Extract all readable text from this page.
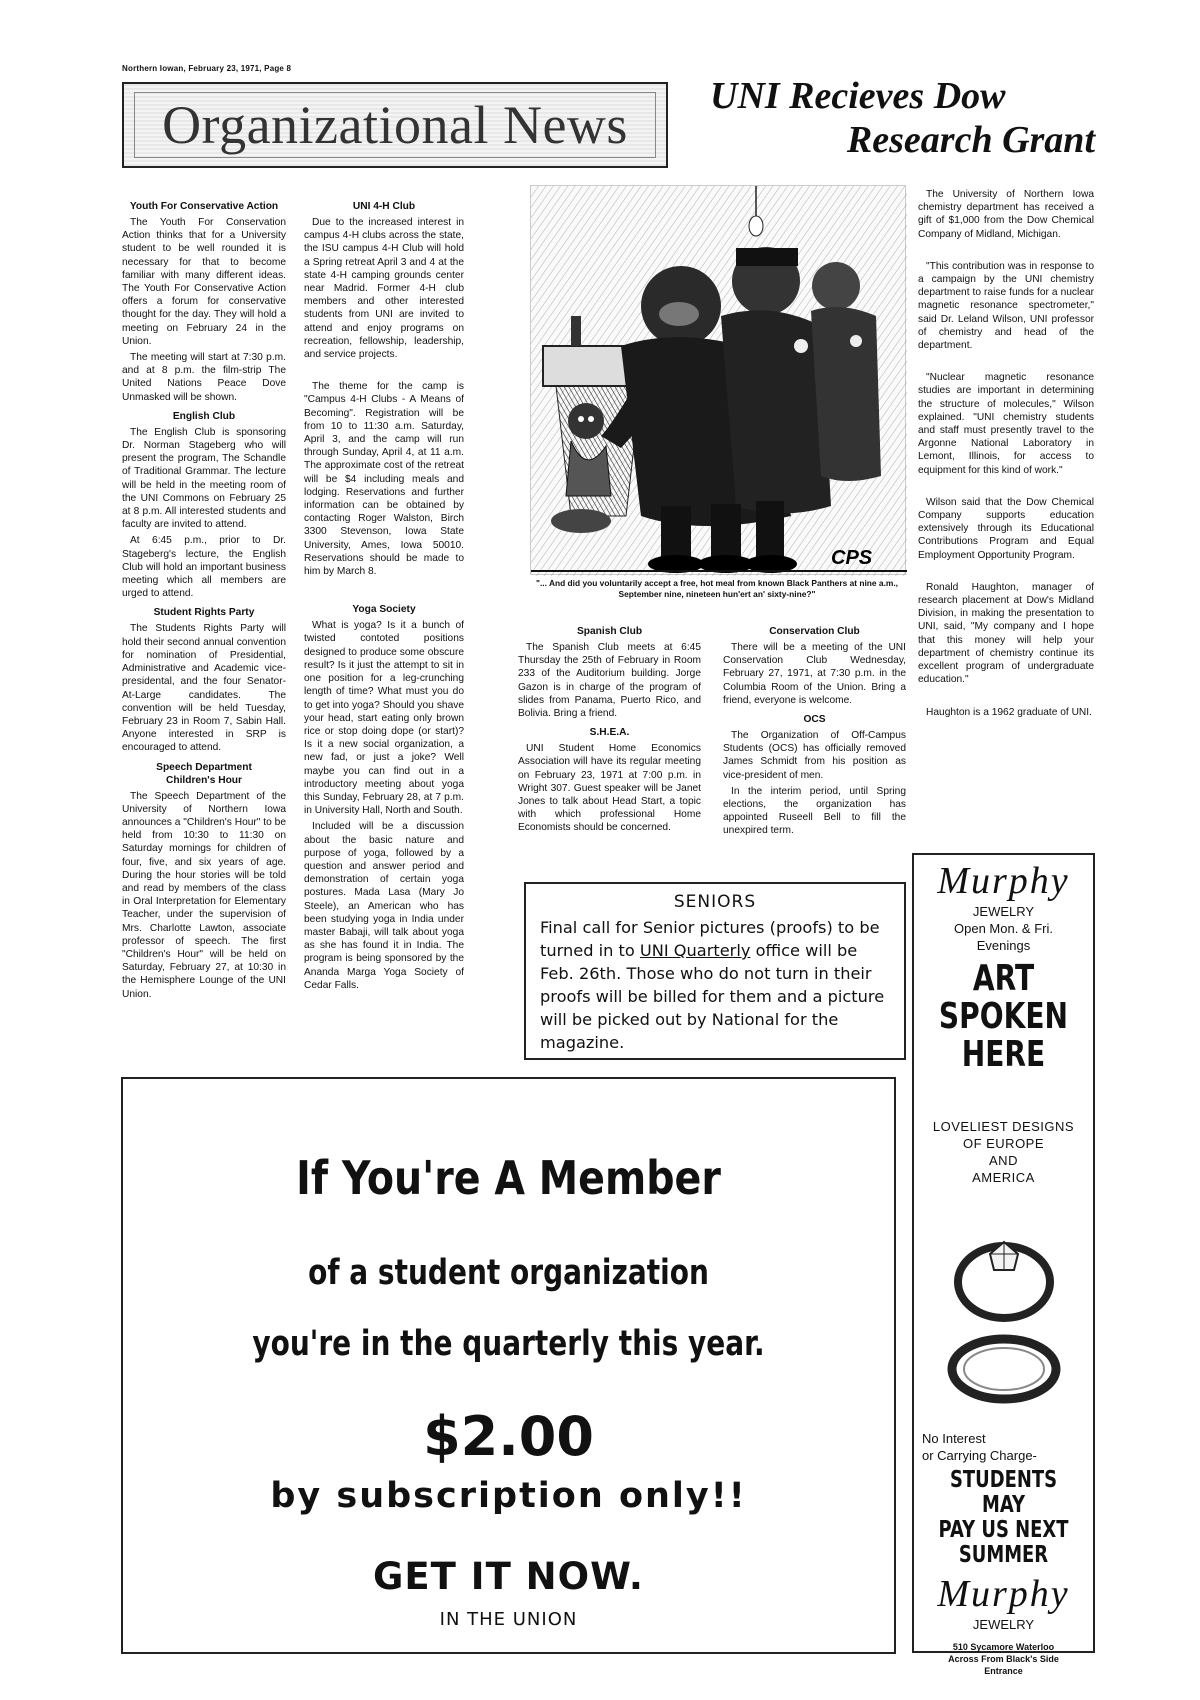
Northern Iowan, February 23, 1971, Page 8
Organizational News UNI Recieves Dow
Research Grant
Youth For Conservative Action

The Youth For Conservation Action thinks that for a University student to be well rounded it is necessary for that to become familiar with many different ideas. The Youth For Conservative Action offers a forum for conservative thought for the day. They will hold a meeting on February 24 in the Union.

The meeting will start at 7:30 p.m. and at 8 p.m. the film-strip The United Nations Peace Dove Unmasked will be shown.

English Club

The English Club is sponsoring Dr. Norman Stageberg who will present the program, The Schandle of Traditional Grammar. The lecture will be held in the meeting room of the UNI Commons on February 25 at 8 p.m. All interested students and faculty are invited to attend.

At 6:45 p.m., prior to Dr. Stageberg's lecture, the English Club will hold an important business meeting which all members are urged to attend.

Student Rights Party

The Students Rights Party will hold their second annual convention for nomination of Presidential, Administrative and Academic vice-presidental, and the four Senator-At-Large candidates. The convention will be held Tuesday, February 23 in Room 7, Sabin Hall. Anyone interested in SRP is encouraged to attend.

Speech Department
Children's Hour

The Speech Department of the University of Northern Iowa announces a "Children's Hour" to be held from 10:30 to 11:30 on Saturday mornings for children of four, five, and six years of age. During the hour stories will be told and read by members of the class in Oral Interpretation for Elementary Teacher, under the supervision of Mrs. Charlotte Lawton, associate professor of speech. The first "Children's Hour" will be held on Saturday, February 27, at 10:30 in the Hemisphere Lounge of the UNI Union.

UNI 4-H Club

Due to the increased interest in campus 4-H clubs across the state, the ISU campus 4-H Club will hold a Spring retreat April 3 and 4 at the state 4-H camping grounds center near Madrid. Former 4-H club members and other interested students from UNI are invited to attend and enjoy programs on recreation, fellowship, leadership, and service projects.

The theme for the camp is "Campus 4-H Clubs - A Means of Becoming". Registration will be from 10 to 11:30 a.m. Saturday, April 3, and the camp will run through Sunday, April 4, at 11 a.m. The approximate cost of the retreat will be $4 including meals and lodging. Reservations and further information can be obtained by contacting Roger Walston, Birch 3300 Stevenson, Iowa State University, Ames, Iowa 50010. Reservations should be made to him by March 8.

Yoga Society

What is yoga? Is it a bunch of twisted contoted positions designed to produce some obscure result? Is it just the attempt to sit in one position for a leg-crunching length of time? What must you do to get into yoga? Should you shave your head, start eating only brown rice or stop doing dope (or start)? Is it a new social organization, a new fad, or just a joke? Well maybe you can find out in a introductory meeting about yoga this Sunday, February 28, at 7 p.m. in University Hall, North and South.

Included will be a discussion about the basic nature and purpose of yoga, followed by a question and answer period and demonstration of certain yoga postures. Mada Lasa (Mary Jo Steele), an American who has been studying yoga in India under master Babaji, will talk about yoga as she has found it in India. The program is being sponsored by the Ananda Marga Yoga Society of Cedar Falls.

CPS
"... And did you voluntarily accept a free, hot meal from known Black Panthers at nine a.m., September nine, nineteen hun'ert an' sixty-nine?"
Spanish Club

The Spanish Club meets at 6:45 Thursday the 25th of February in Room 233 of the Auditorium building. Jorge Gazon is in charge of the program of slides from Panama, Puerto Rico, and Bolivia. Bring a friend.

S.H.E.A.

UNI Student Home Economics Association will have its regular meeting on February 23, 1971 at 7:00 p.m. in Wright 307. Guest speaker will be Janet Jones to talk about Head Start, a topic with which professional Home Economists should be concerned.

Conservation Club

There will be a meeting of the UNI Conservation Club Wednesday, February 27, 1971, at 7:30 p.m. in the Columbia Room of the Union. Bring a friend, everyone is welcome.

OCS

The Organization of Off-Campus Students (OCS) has officially removed James Schmidt from his position as vice-president of men.

In the interim period, until Spring elections, the organization has appointed Ruseell Bell to fill the unexpired term.

The University of Northern Iowa chemistry department has received a gift of $1,000 from the Dow Chemical Company of Midland, Michigan.

"This contribution was in response to a campaign by the UNI chemistry department to raise funds for a nuclear magnetic resonance spectrometer," said Dr. Leland Wilson, UNI professor of chemistry and head of the department.

"Nuclear magnetic resonance studies are important in determining the structure of molecules," Wilson explained. "UNI chemistry students and staff must presently travel to the Argonne National Laboratory in Lemont, Illinois, for access to equipment for this kind of work."

Wilson said that the Dow Chemical Company supports education extensively through its Educational Contributions Program and Equal Employment Opportunity Program.

Ronald Haughton, manager of research placement at Dow's Midland Division, in making the presentation to UNI, said, "My company and I hope that this money will help your department of chemistry continue its excellent program of undergraduate education."

Haughton is a 1962 graduate of UNI.

SENIORS

Final call for Senior pictures (proofs) to be turned in to UNI Quarterly office will be Feb. 26th. Those who do not turn in their proofs will be billed for them and a picture will be picked out by National for the magazine.

If You're A Member
of a student organization
you're in the quarterly this year.
$2.00
by subscription only!!
GET IT NOW.
IN THE UNION
Murphy
JEWELRY
Open Mon. & Fri.
Evenings
ART
SPOKEN
HERE
LOVELIEST DESIGNS
OF EUROPE
AND
AMERICA
No Interest
or Carrying Charge-
STUDENTS MAY
PAY US NEXT
SUMMER
Murphy
JEWELRY
510 Sycamore Waterloo
Across From Black's Side
Entrance
